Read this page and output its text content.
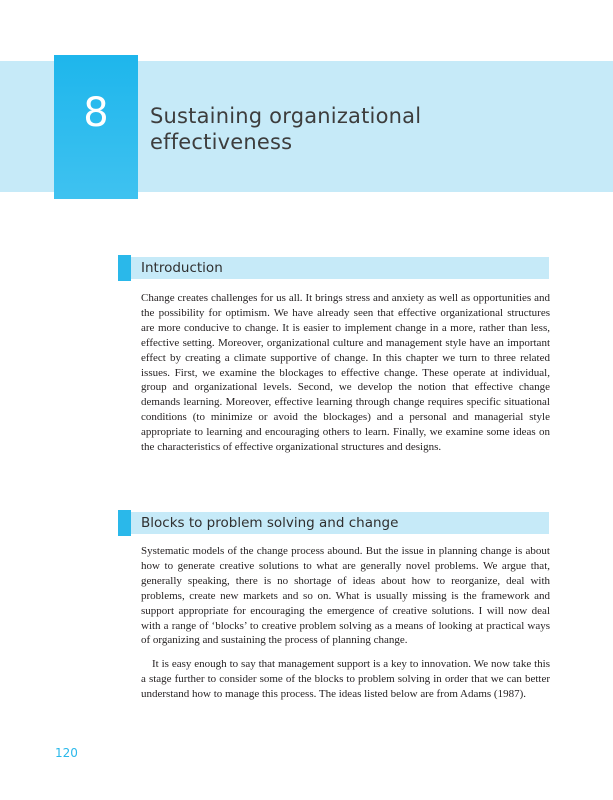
8	Sustaining organizational
effectiveness
Introduction

Change creates challenges for us all. It brings stress and anxiety as well as opportunities and the possibility for optimism. We have already seen that effective organizational structures are more conducive to change. It is easier to implement change in a more, rather than less, effective setting. Moreover, organizational culture and management style have an important effect by creating a climate supportive of change. In this chapter we turn to three related issues. First, we examine the blockages to effective change. These operate at individual, group and organizational levels. Second, we develop the notion that effective change demands learning. Moreover, effective learning through change requires specific situational conditions (to minimize or avoid the blockages) and a personal and managerial style appropriate to learning and encouraging others to learn. Finally, we examine some ideas on the characteristics of effective organizational structures and designs.

Blocks to problem solving and change

Systematic models of the change process abound. But the issue in planning change is about how to generate creative solutions to what are generally novel problems. We argue that, generally speaking, there is no shortage of ideas about how to reorganize, deal with problems, create new markets and so on. What is usually missing is the framework and support appropriate for encouraging the emergence of creative solutions. I will now deal with a range of ‘blocks’ to creative problem solving as a means of looking at practical ways of organizing and sustaining the process of planning change.

It is easy enough to say that management support is a key to innovation. We now take this a stage further to consider some of the blocks to problem solving in order that we can better understand how to manage this process. The ideas listed below are from Adams (1987).

120
